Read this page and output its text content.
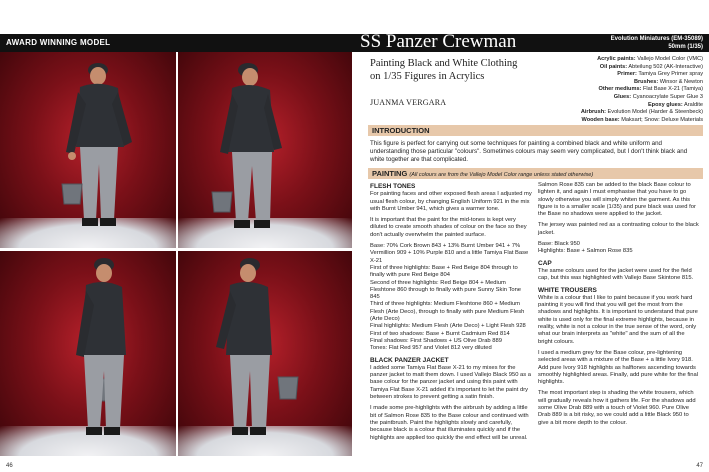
AWARD WINNING MODEL
46
SS Panzer Crewman	Evolution Miniatures (EM-35089)
50mm (1/35)
Painting Black and White Clothing on 1/35 Figures in Acrylics
JUANMA VERGARA
Acrylic paints: Vallejo Model Color (VMC)
Oil paints: Abteilung 502 (AK-Interactive)
Primer: Tamiya Grey Primer spray
Brushes: Winsor & Newton
Other mediums: Flat Base X-21 (Tamiya)
Glues: Cyanoacrylate Super Glue 3
Epoxy glues: Araldite
Airbrush: Evolution Model (Harder & Steenbeck)
Wooden base: Maksart; Snow: Deluxe Materials
INTRODUCTION
This figure is perfect for carrying out some techniques for painting a combined black and white uniform and understanding those particular "colours". Sometimes colours may seem very complicated, but I don't think black and white together are that complicated.
PAINTING (All colours are from the Vallejo Model Color range unless stated otherwise)
FLESH TONES

For painting faces and other exposed flesh areas I adjusted my usual flesh colour, by changing English Uniform 921 in the mix with Burnt Umber 941, which gives a warmer tone.

It is important that the paint for the mid-tones is kept very diluted to create smooth shades of colour on the face so they don't actually overwhelm the painted surface.

Base: 70% Cork Brown 843 + 13% Burnt Umber 941 + 7% Vermillion 909 + 10% Purple 810 and a little Tamiya Flat Base X-21
First of three highlights: Base + Red Beige 804 through to finally with pure Red Beige 804
Second of three highlights: Red Beige 804 + Medium Fleshtone 860 through to finally with pure Sunny Skin Tone 845
Third of three highlights: Medium Fleshtone 860 + Medium Flesh (Arte Deco), through to finally with pure Medium Flesh (Arte Deco)
Final highlights: Medium Flesh (Arte Deco) + Light Flesh 928
First of two shadows: Base + Burnt Cadmium Red 814
Final shadows: First Shadows + US Olive Drab 889
Tones: Flat Red 957 and Violet 812 very diluted
BLACK PANZER JACKET

I added some Tamiya Flat Base X-21 to my mixes for the panzer jacket to matt them down. I used Vallejo Black 950 as a base colour for the panzer jacket and using this paint with Tamiya Flat Base X-21 added it's important to let the paint dry between strokes to prevent getting a satin finish.

I made some pre-highlights with the airbrush by adding a little bit of Salmon Rose 835 to the Base colour and continued with the paintbrush. Paint the highlights slowly and carefully, because black is a colour that illuminates quickly and if the highlights are applied too quickly the end effect will be unreal.

Salmon Rose 835 can be added to the black Base colour to lighten it, and again I must emphasise that you have to go slowly otherwise you will simply whiten the garment. As this figure is to a smaller scale (1/35) and pure black was used for the Base no shadows were applied to the jacket.

The jersey was painted red as a contrasting colour to the black jacket.

Base: Black 950
Highlights: Base + Salmon Rose 835
CAP

The same colours used for the jacket were used for the field cap, but this was highlighted with Vallejo Base Skintone 815.

WHITE TROUSERS

White is a colour that I like to paint because if you work hard painting it you will find that you will get the most from the shadows and highlights. It is important to understand that pure white is used only for the final extreme highlights, because in reality, white is not a colour in the true sense of the word, only what our brain interprets as "white" and the sum of all the bright colours.

I used a medium grey for the Base colour, pre-lightening selected areas with a mixture of the Base + a little Ivory 918. Add pure Ivory 918 highlights as halftones ascending towards smoothly highlighted areas. Finally, add pure white for the final highlights.

The most important step is shading the white trousers, which will gradually reveals how it gathers life. For the shadows add some Olive Drab 889 with a touch of Violet 960. Pure Olive Drab 889 is a bit risky, so we could add a little Black 950 to give a bit more depth to the colour.

47
